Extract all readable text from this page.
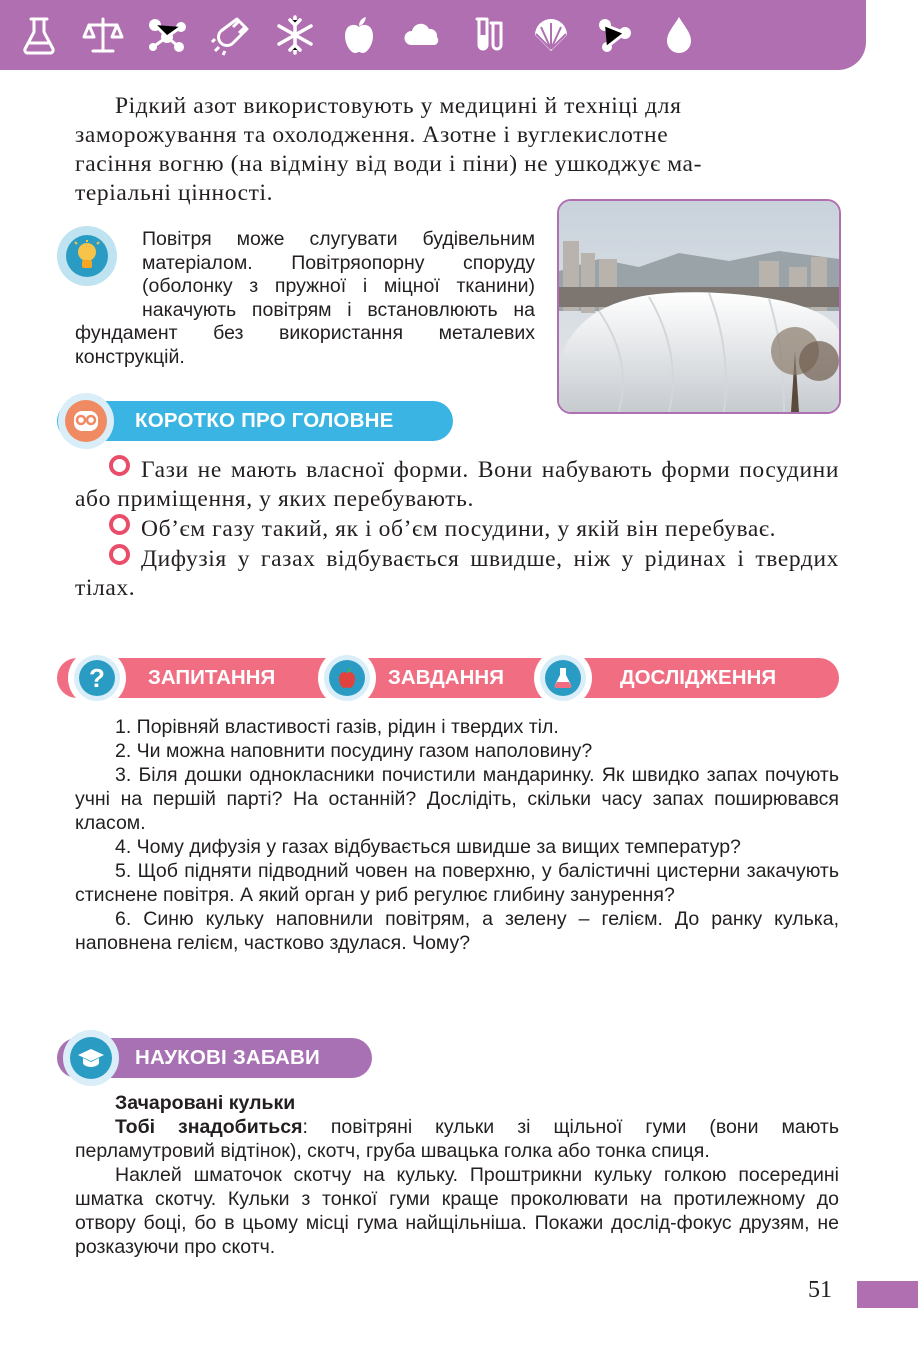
Рідкий азот використовують у медицині й техніці для
заморожування та охолодження. Азотне і вуглекислотне
гасіння вогню (на відміну від води і піни) не ушкоджує ма-
теріальні цінності.
Повітря може слугувати будівельним матеріалом. Повітряопорну споруду (оболонку з пружної і міцної тканини) накачують повітрям і встановлюють на фундамент без використання металевих конструкцій.
КОРОТКО ПРО ГОЛОВНЕ
Гази не мають власної форми. Вони набувають форми посудини або приміщення, у яких перебувають.
Об’єм газу такий, як і об’єм посудини, у якій він перебуває.
Дифузія у газах відбувається швидше, ніж у рідинах і твердих тілах.
?	ЗАПИТАННЯ	ЗАВДАННЯ	ДОСЛІДЖЕННЯ

1. Порівняй властивості газів, рідин і твердих тіл.

2. Чи можна наповнити посудину газом наполовину?

3. Біля дошки однокласники почистили мандаринку. Як швидко запах почують учні на першій парті? На останній? Дослідіть, скільки часу запах поширювався класом.

4. Чому дифузія у газах відбувається швидше за вищих температур?

5. Щоб підняти підводний човен на поверхню, у балістичні цистерни закачують стиснене повітря. А який орган у риб регулює глибину занурення?

6. Синю кульку наповнили повітрям, а зелену – гелієм. До ранку кулька, наповнена гелієм, частково здулася. Чому?

НАУКОВІ ЗАБАВИ

Зачаровані кульки

Тобі знадобиться: повітряні кульки зі щільної гуми (вони мають перламутровий відтінок), скотч, груба швацька голка або тонка спиця.

Наклей шматочок скотчу на кульку. Проштрикни кульку голкою посередині шматка скотчу. Кульки з тонкої гуми краще проколювати на протилежному до отвору боці, бо в цьому місці гума найщільніша. Покажи дослід-фокус друзям, не розказуючи про скотч.

51
